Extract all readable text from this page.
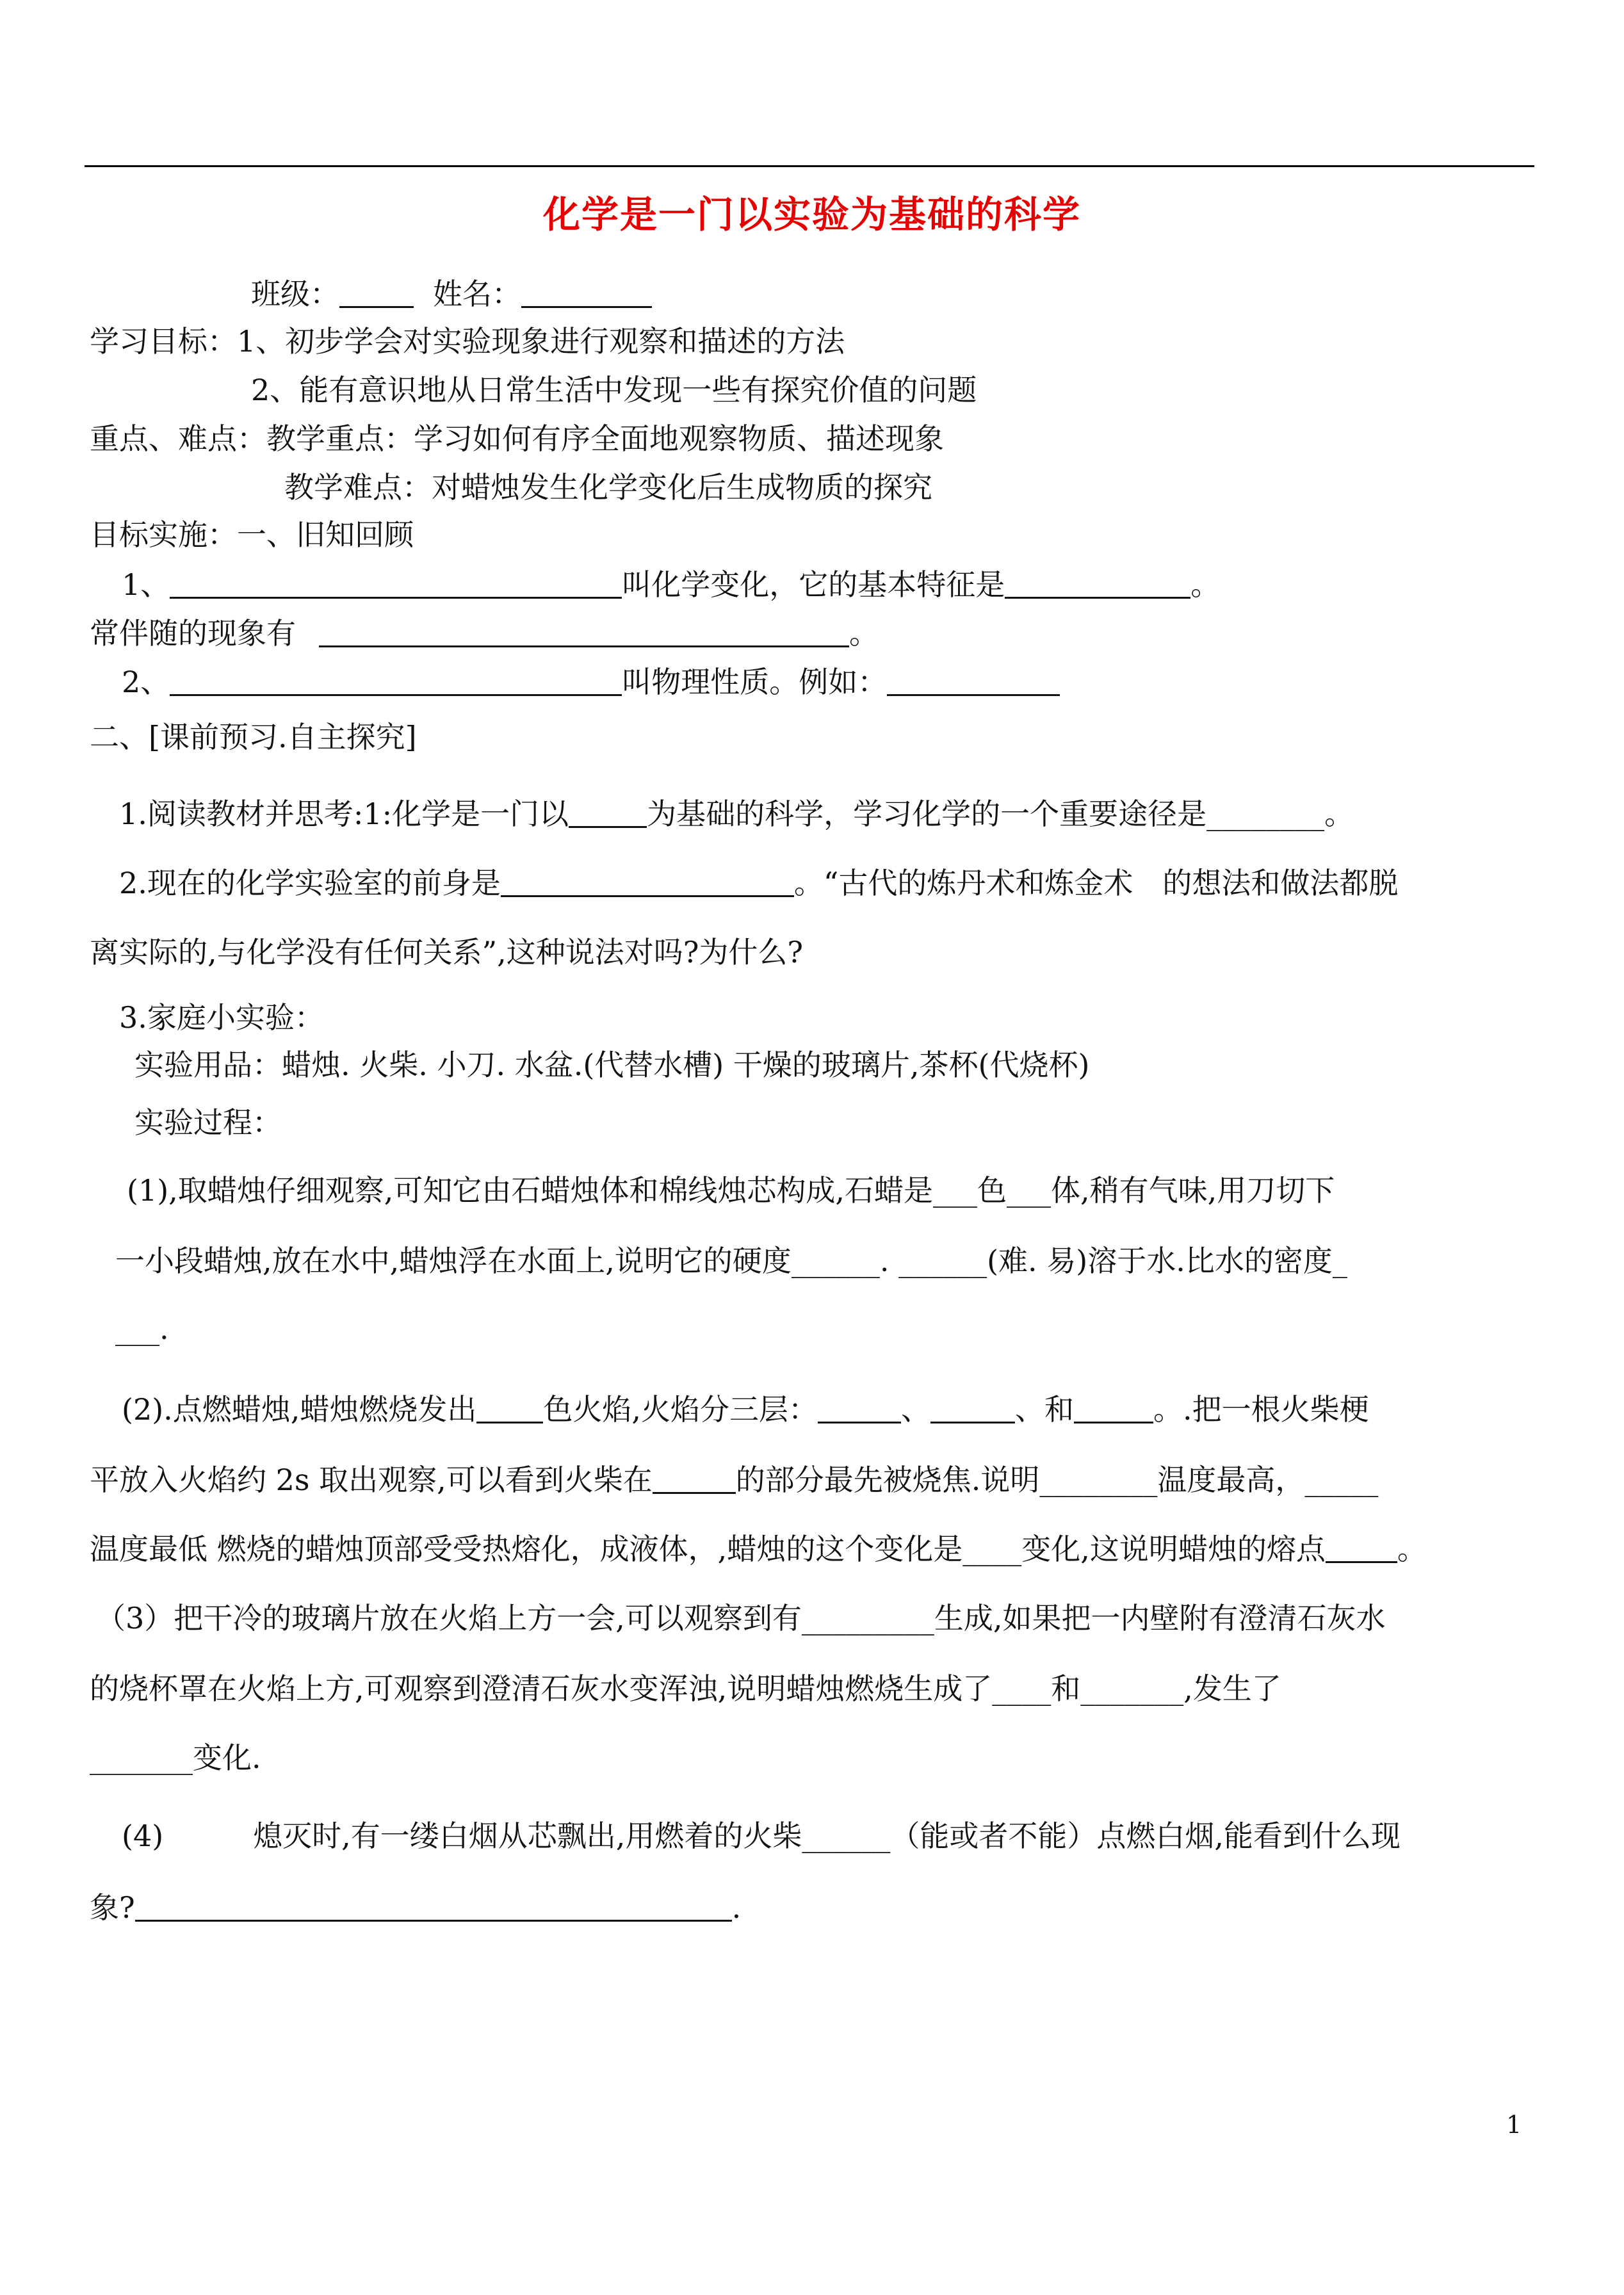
化学是一门以实验为基础的科学
班级：	姓名：
学习目标：1、初步学会对实验现象进行观察和描述的方法
2、能有意识地从日常生活中发现一些有探究价值的问题
重点、难点：教学重点：学习如何有序全面地观察物质、描述现象
教学难点：对蜡烛发生化学变化后生成物质的探究
目标实施：一、旧知回顾
1、	叫化学变化，它的基本特征是	。
常伴随的现象有	。
2、	叫物理性质。例如：
二、[课前预习.自主探究]
1.阅读教材并思考:1:化学是一门以	为基础的科学，学习化学的一个重要途径是________。
2.现在的化学实验室的前身是	。“古代的炼丹术和炼金术　的想法和做法都脱
离实际的,与化学没有任何关系”,这种说法对吗?为什么?
3.家庭小实验：
实验用品：蜡烛. 火柴. 小刀. 水盆.(代替水槽) 干燥的玻璃片,茶杯(代烧杯)
实验过程：
(1),取蜡烛仔细观察,可知它由石蜡烛体和棉线烛芯构成,石蜡是___色___体,稍有气味,用刀切下
一小段蜡烛,放在水中,蜡烛浮在水面上,说明它的硬度______. ______(难. 易)溶于水.比水的密度_
___.
(2).点燃蜡烛,蜡烛燃烧发出 色火焰,火焰分三层：	、	、和	。.把一根火柴梗
平放入火焰约 2s 取出观察,可以看到火柴在	的部分最先被烧焦.说明________温度最高，_____
温度最低 燃烧的蜡烛顶部受受热熔化，成液体，,蜡烛的这个变化是____变化,这说明蜡烛的熔点 。
（3）把干冷的玻璃片放在火焰上方一会,可以观察到有_________生成,如果把一内壁附有澄清石灰水
的烧杯罩在火焰上方,可观察到澄清石灰水变浑浊,说明蜡烛燃烧生成了____和_______,发生了
_______变化.
(4)	熄灭时,有一缕白烟从芯飘出,用燃着的火柴______（能或者不能）点燃白烟,能看到什么现
象?	.
1
